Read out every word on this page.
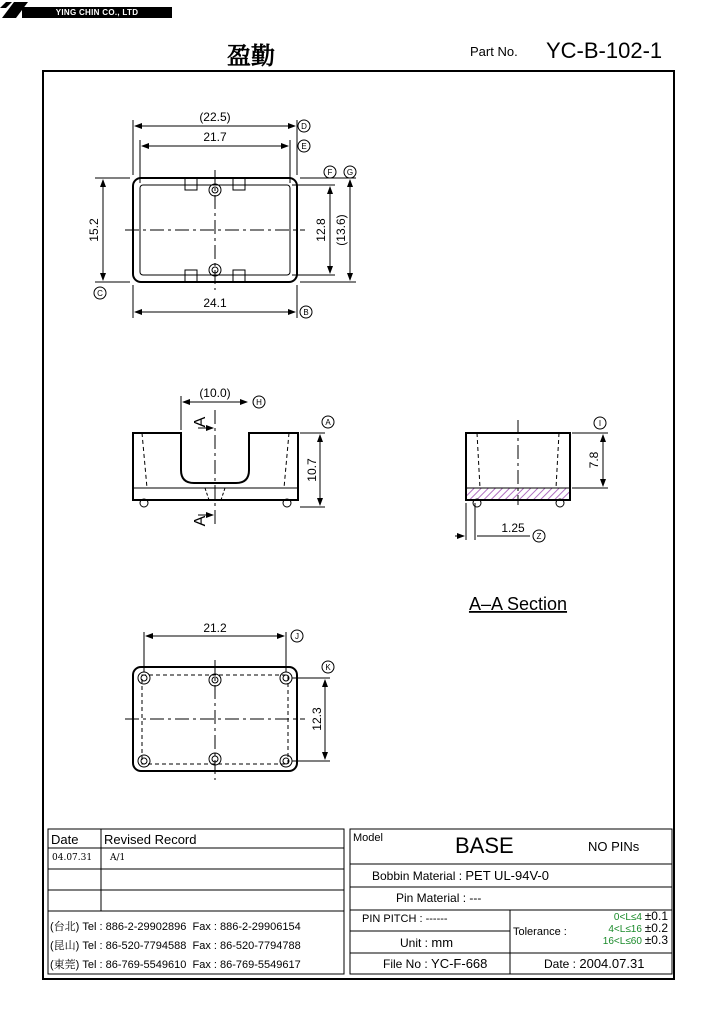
YING CHIN CO., LTD
盈勤	Part No. YC-B-102-1
(22.5)
21.7
15.2	12.8 (13.6)
24.1
D
E
F G
C
B
(10.0)
10.7
A
A
H
A
7.8
1.25
A–A Section
I
Z
21.2
12.3
J
K
Date Revised Record
04.07.31 A/1
(台北) Tel : 886-2-29902896 Fax : 886-2-29906154
(昆山) Tel : 86-520-7794588 Fax : 86-520-7794788
(東莞) Tel : 86-769-5549610 Fax : 86-769-5549617
Model	BASE	NO PINs
Bobbin Material : PET UL-94V-0
Pin Material : ---
PIN PITCH : ------
Unit : mm
File No : YC-F-668
Tolerance :
0<L≤4 ±0.1
4<L≤16 ±0.2
16<L≤60 ±0.3
Date : 2004.07.31
